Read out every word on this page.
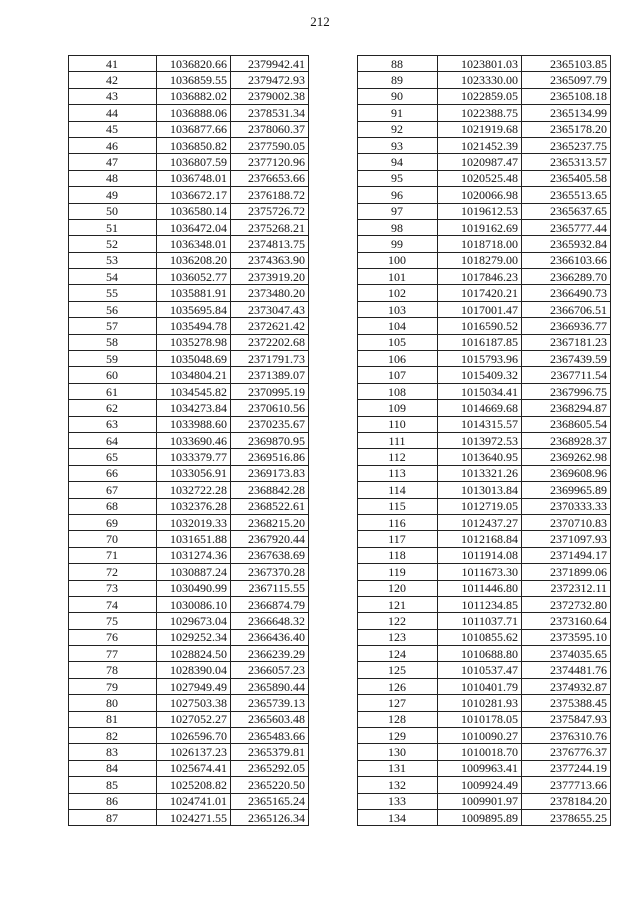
212
41	1036820.66	2379942.41
42	1036859.55	2379472.93
43	1036882.02	2379002.38
44	1036888.06	2378531.34
45	1036877.66	2378060.37
46	1036850.82	2377590.05
47	1036807.59	2377120.96
48	1036748.01	2376653.66
49	1036672.17	2376188.72
50	1036580.14	2375726.72
51	1036472.04	2375268.21
52	1036348.01	2374813.75
53	1036208.20	2374363.90
54	1036052.77	2373919.20
55	1035881.91	2373480.20
56	1035695.84	2373047.43
57	1035494.78	2372621.42
58	1035278.98	2372202.68
59	1035048.69	2371791.73
60	1034804.21	2371389.07
61	1034545.82	2370995.19
62	1034273.84	2370610.56
63	1033988.60	2370235.67
64	1033690.46	2369870.95
65	1033379.77	2369516.86
66	1033056.91	2369173.83
67	1032722.28	2368842.28
68	1032376.28	2368522.61
69	1032019.33	2368215.20
70	1031651.88	2367920.44
71	1031274.36	2367638.69
72	1030887.24	2367370.28
73	1030490.99	2367115.55
74	1030086.10	2366874.79
75	1029673.04	2366648.32
76	1029252.34	2366436.40
77	1028824.50	2366239.29
78	1028390.04	2366057.23
79	1027949.49	2365890.44
80	1027503.38	2365739.13
81	1027052.27	2365603.48
82	1026596.70	2365483.66
83	1026137.23	2365379.81
84	1025674.41	2365292.05
85	1025208.82	2365220.50
86	1024741.01	2365165.24
87	1024271.55	2365126.34
88	1023801.03	2365103.85
89	1023330.00	2365097.79
90	1022859.05	2365108.18
91	1022388.75	2365134.99
92	1021919.68	2365178.20
93	1021452.39	2365237.75
94	1020987.47	2365313.57
95	1020525.48	2365405.58
96	1020066.98	2365513.65
97	1019612.53	2365637.65
98	1019162.69	2365777.44
99	1018718.00	2365932.84
100	1018279.00	2366103.66
101	1017846.23	2366289.70
102	1017420.21	2366490.73
103	1017001.47	2366706.51
104	1016590.52	2366936.77
105	1016187.85	2367181.23
106	1015793.96	2367439.59
107	1015409.32	2367711.54
108	1015034.41	2367996.75
109	1014669.68	2368294.87
110	1014315.57	2368605.54
111	1013972.53	2368928.37
112	1013640.95	2369262.98
113	1013321.26	2369608.96
114	1013013.84	2369965.89
115	1012719.05	2370333.33
116	1012437.27	2370710.83
117	1012168.84	2371097.93
118	1011914.08	2371494.17
119	1011673.30	2371899.06
120	1011446.80	2372312.11
121	1011234.85	2372732.80
122	1011037.71	2373160.64
123	1010855.62	2373595.10
124	1010688.80	2374035.65
125	1010537.47	2374481.76
126	1010401.79	2374932.87
127	1010281.93	2375388.45
128	1010178.05	2375847.93
129	1010090.27	2376310.76
130	1010018.70	2376776.37
131	1009963.41	2377244.19
132	1009924.49	2377713.66
133	1009901.97	2378184.20
134	1009895.89	2378655.25
